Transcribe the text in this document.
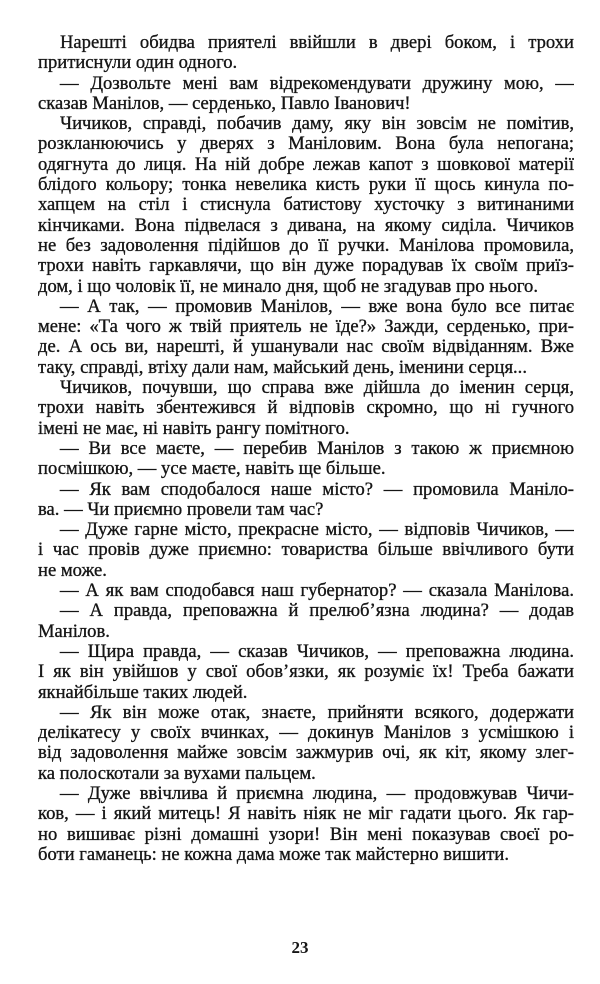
Нарешті обидва приятелі ввійшли в двері боком, і трохи
притиснули один одного.
— Дозвольте мені вам відрекомендувати дружину мою, —
сказав Манілов, — серденько, Павло Іванович!
Чичиков, справді, побачив даму, яку він зовсім не помітив,
розкланюючись у дверях з Маніловим. Вона була непогана;
одягнута до лиця. На ній добре лежав капот з шовкової матерії
блідого кольору; тонка невелика кисть руки її щось кинула по-
хапцем на стіл і стиснула батистову хусточку з витинаними
кінчиками. Вона підвелася з дивана, на якому сиділа. Чичиков
не без задоволення підійшов до її ручки. Манілова промовила,
трохи навіть гаркавлячи, що він дуже порадував їх своїм приїз-
дом, і що чоловік її, не минало дня, щоб не згадував про нього.
— А так, — промовив Манілов, — вже вона було все питає
мене: «Та чого ж твій приятель не їде?» Зажди, серденько, при-
де. А ось ви, нарешті, й ушанували нас своїм відвіданням. Вже
таку, справді, втіху дали нам, майський день, іменини серця...
Чичиков, почувши, що справа вже дійшла до іменин серця,
трохи навіть збентежився й відповів скромно, що ні гучного
імені не має, ні навіть рангу помітного.
— Ви все маєте, — перебив Манілов з такою ж приємною
посмішкою, — усе маєте, навіть ще більше.
— Як вам сподобалося наше місто? — промовила Маніло-
ва. — Чи приємно провели там час?
— Дуже гарне місто, прекрасне місто, — відповів Чичиков, —
і час провів дуже приємно: товариства більше ввічливого бути
не може.
— А як вам сподобався наш губернатор? — сказала Манілова.
— А правда, преповажна й прелюб’язна людина? — додав
Манілов.
— Щира правда, — сказав Чичиков, — преповажна людина.
І як він увійшов у свої обов’язки, як розуміє їх! Треба бажати
якнайбільше таких людей.
— Як він може отак, знаєте, прийняти всякого, додержати
делікатесу у своїх вчинках, — докинув Манілов з усмішкою і
від задоволення майже зовсім зажмурив очі, як кіт, якому злег-
ка полоскотали за вухами пальцем.
— Дуже ввічлива й приємна людина, — продовжував Чичи-
ков, — і який митець! Я навіть ніяк не міг гадати цього. Як гар-
но вишиває різні домашні узори! Він мені показував своєї ро-
боти гаманець: не кожна дама може так майстерно вишити.
23
